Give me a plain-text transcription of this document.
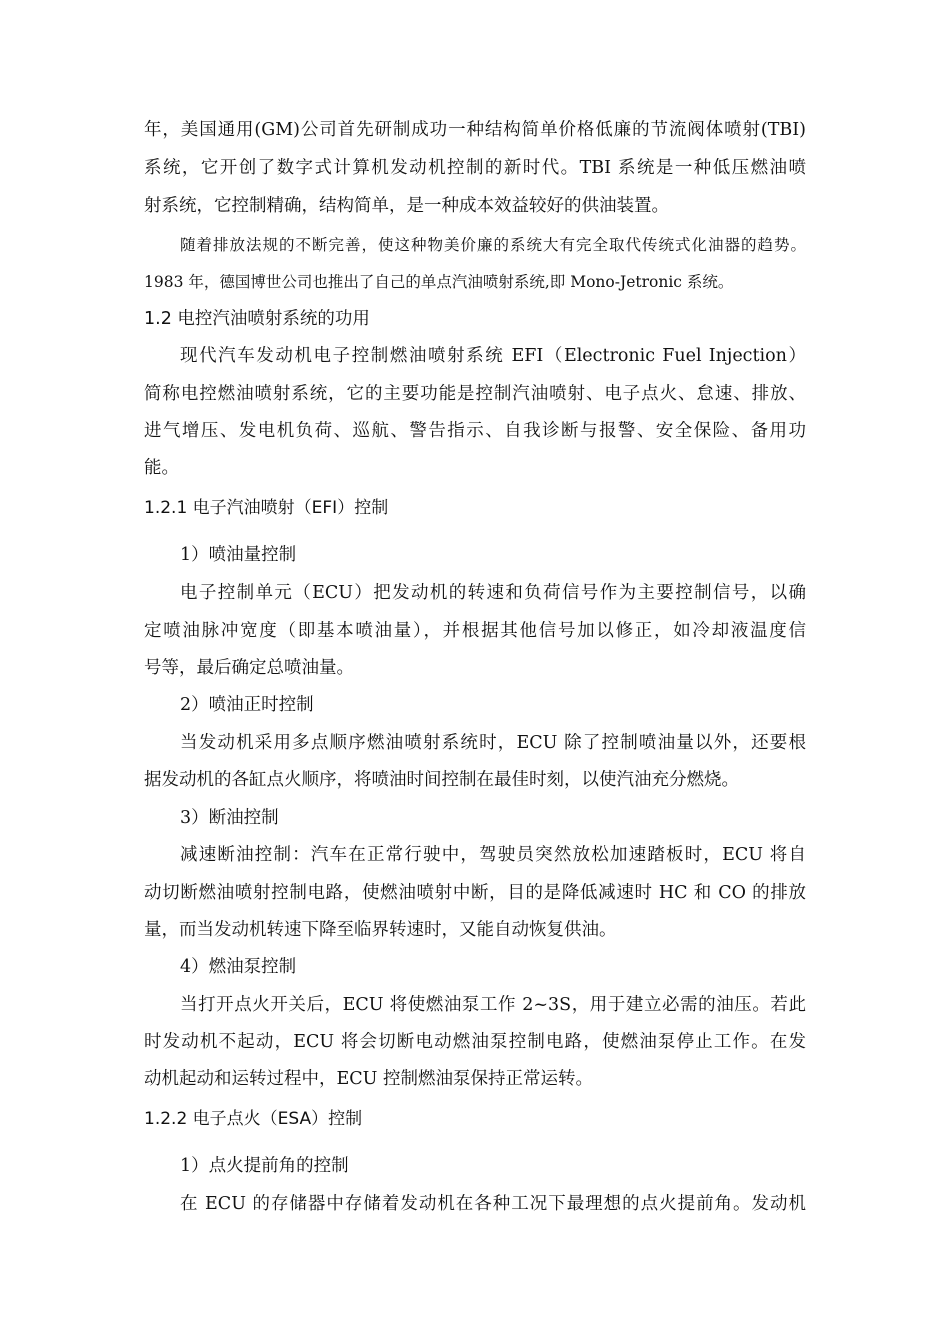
年，美国通用(GM)公司首先研制成功一种结构简单价格低廉的节流阀体喷射(TBI)
系统，它开创了数字式计算机发动机控制的新时代。TBI 系统是一种低压燃油喷
射系统，它控制精确，结构简单，是一种成本效益较好的供油装置。
随着排放法规的不断完善，使这种物美价廉的系统大有完全取代传统式化油器的趋势。
1983 年，德国博世公司也推出了自己的单点汽油喷射系统,即 Mono-Jetronic 系统。
1.2 电控汽油喷射系统的功用
现代汽车发动机电子控制燃油喷射系统 EFI（Electronic Fuel Injection）
简称电控燃油喷射系统，它的主要功能是控制汽油喷射、电子点火、怠速、排放、
进气增压、发电机负荷、巡航、警告指示、自我诊断与报警、安全保险、备用功
能。
1.2.1 电子汽油喷射（EFI）控制
1）喷油量控制
电子控制单元（ECU）把发动机的转速和负荷信号作为主要控制信号，以确
定喷油脉冲宽度（即基本喷油量），并根据其他信号加以修正，如冷却液温度信
号等，最后确定总喷油量。
2）喷油正时控制
当发动机采用多点顺序燃油喷射系统时，ECU 除了控制喷油量以外，还要根
据发动机的各缸点火顺序，将喷油时间控制在最佳时刻，以使汽油充分燃烧。
3）断油控制
减速断油控制：汽车在正常行驶中，驾驶员突然放松加速踏板时，ECU 将自
动切断燃油喷射控制电路，使燃油喷射中断，目的是降低减速时 HC 和 CO 的排放
量，而当发动机转速下降至临界转速时，又能自动恢复供油。
4）燃油泵控制
当打开点火开关后，ECU 将使燃油泵工作 2~3S，用于建立必需的油压。若此
时发动机不起动，ECU 将会切断电动燃油泵控制电路，使燃油泵停止工作。在发
动机起动和运转过程中，ECU 控制燃油泵保持正常运转。
1.2.2 电子点火（ESA）控制
1）点火提前角的控制
在 ECU 的存储器中存储着发动机在各种工况下最理想的点火提前角。发动机
